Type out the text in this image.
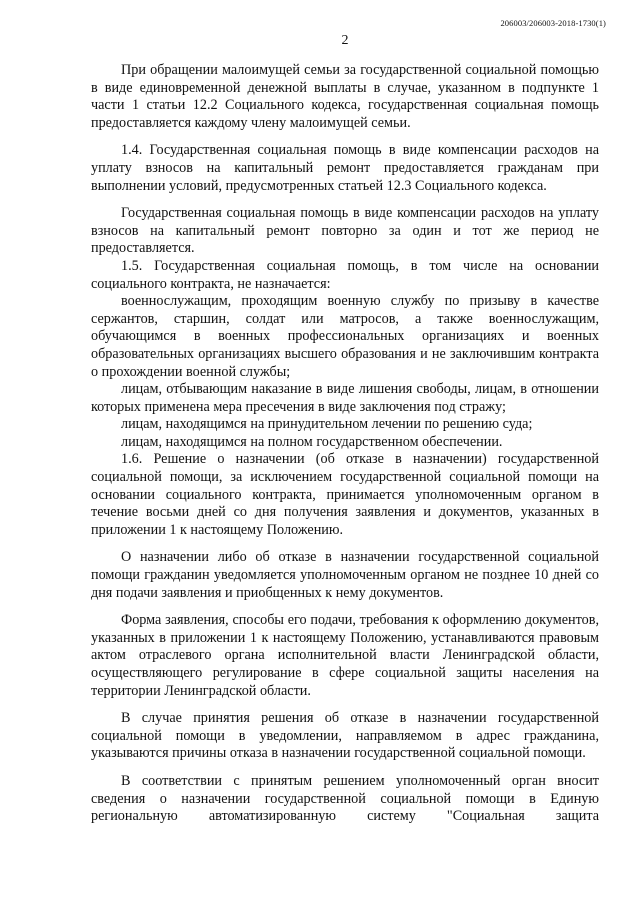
206003/206003-2018-1730(1)
2

При обращении малоимущей семьи за государственной социальной помощью в виде единовременной денежной выплаты в случае, указанном в подпункте 1 части 1 статьи 12.2 Социального кодекса, государственная социальная помощь предоставляется каждому члену малоимущей семьи.

1.4. Государственная социальная помощь в виде компенсации расходов на уплату взносов на капитальный ремонт предоставляется гражданам при выполнении условий, предусмотренных статьей 12.3 Социального кодекса.

Государственная социальная помощь в виде компенсации расходов на уплату взносов на капитальный ремонт повторно за один и тот же период не предоставляется.

1.5. Государственная социальная помощь, в том числе на основании социального контракта, не назначается:

военнослужащим, проходящим военную службу по призыву в качестве сержантов, старшин, солдат или матросов, а также военнослужащим, обучающимся в военных профессиональных организациях и военных образовательных организациях высшего образования и не заключившим контракта о прохождении военной службы;

лицам, отбывающим наказание в виде лишения свободы, лицам, в отношении которых применена мера пресечения в виде заключения под стражу;

лицам, находящимся на принудительном лечении по решению суда;

лицам, находящимся на полном государственном обеспечении.

1.6. Решение о назначении (об отказе в назначении) государственной социальной помощи, за исключением государственной социальной помощи на основании социального контракта, принимается уполномоченным органом в течение восьми дней со дня получения заявления и документов, указанных в приложении 1 к настоящему Положению.

О назначении либо об отказе в назначении государственной социальной помощи гражданин уведомляется уполномоченным органом не позднее 10 дней со дня подачи заявления и приобщенных к нему документов.

Форма заявления, способы его подачи, требования к оформлению документов, указанных в приложении 1 к настоящему Положению, устанавливаются правовым актом отраслевого органа исполнительной власти Ленинградской области, осуществляющего регулирование в сфере социальной защиты населения на территории Ленинградской области.

В случае принятия решения об отказе в назначении государственной социальной помощи в уведомлении, направляемом в адрес гражданина, указываются причины отказа в назначении государственной социальной помощи.

В соответствии с принятым решением уполномоченный орган вносит сведения о назначении государственной социальной помощи в Единую региональную автоматизированную систему "Социальная защита
